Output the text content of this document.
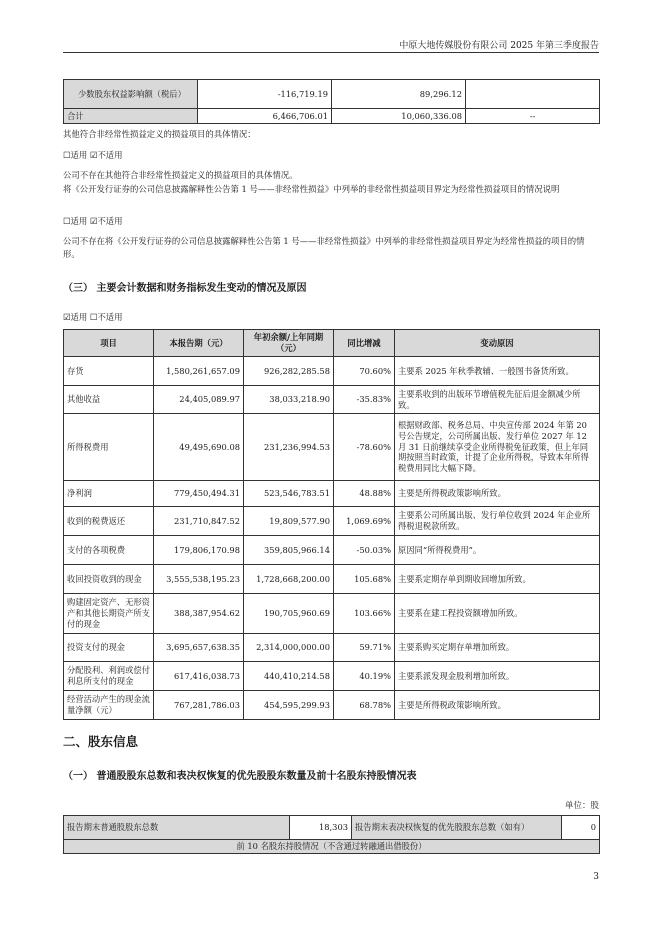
中原大地传媒股份有限公司 2025 年第三季度报告
少数股东权益影响额（税后）	-116,719.19	89,296.12	
合计	6,466,706.01	10,060,336.08	--
其他符合非经常性损益定义的损益项目的具体情况：
☐适用 ☑不适用
公司不存在其他符合非经常性损益定义的损益项目的具体情况。
将《公开发行证券的公司信息披露解释性公告第 1 号——非经常性损益》中列举的非经常性损益项目界定为经常性损益项目的情况说明
☐适用 ☑不适用
公司不存在将《公开发行证券的公司信息披露解释性公告第 1 号——非经常性损益》中列举的非经常性损益项目界定为经常性损益的项目的情形。
（三） 主要会计数据和财务指标发生变动的情况及原因
☑适用 ☐不适用
项目	本报告期（元）	年初余额/上年同期（元）	同比增减	变动原因
存货	1,580,261,657.09	926,282,285.58	70.60%	主要系 2025 年秋季教辅、一般图书备货所致。
其他收益	24,405,089.97	38,033,218.90	-35.83%	主要系收到的出版环节增值税先征后退金额减少所致。
所得税费用	49,495,690.08	231,236,994.53	-78.60%	根据财政部、税务总局、中央宣传部 2024 年第 20 号公告规定，公司所属出版、发行单位 2027 年 12 月 31 日前继续享受企业所得税免征政策，但上年同期按照当时政策，计提了企业所得税，导致本年所得税费用同比大幅下降。
净利润	779,450,494.31	523,546,783.51	48.88%	主要是所得税政策影响所致。
收到的税费返还	231,710,847.52	19,809,577.90	1,069.69%	主要系公司所属出版、发行单位收到 2024 年企业所得税退税款所致。
支付的各项税费	179,806,170.98	359,805,966.14	-50.03%	原因同“所得税费用”。
收回投资收到的现金	3,555,538,195.23	1,728,668,200.00	105.68%	主要系定期存单到期收回增加所致。
购建固定资产、无形资产和其他长期资产所支付的现金	388,387,954.62	190,705,960.69	103.66%	主要系在建工程投资额增加所致。
投资支付的现金	3,695,657,638.35	2,314,000,000.00	59.71%	主要系购买定期存单增加所致。
分配股利、利润或偿付利息所支付的现金	617,416,038.73	440,410,214.58	40.19%	主要系派发现金股利增加所致。
经营活动产生的现金流量净额（元）	767,281,786.03	454,595,299.93	68.78%	主要是所得税政策影响所致。
二、股东信息
（一） 普通股股东总数和表决权恢复的优先股股东数量及前十名股东持股情况表
单位：股
报告期末普通股股东总数	18,303	报告期末表决权恢复的优先股股东总数（如有）	0
前 10 名股东持股情况（不含通过转融通出借股份）
3
